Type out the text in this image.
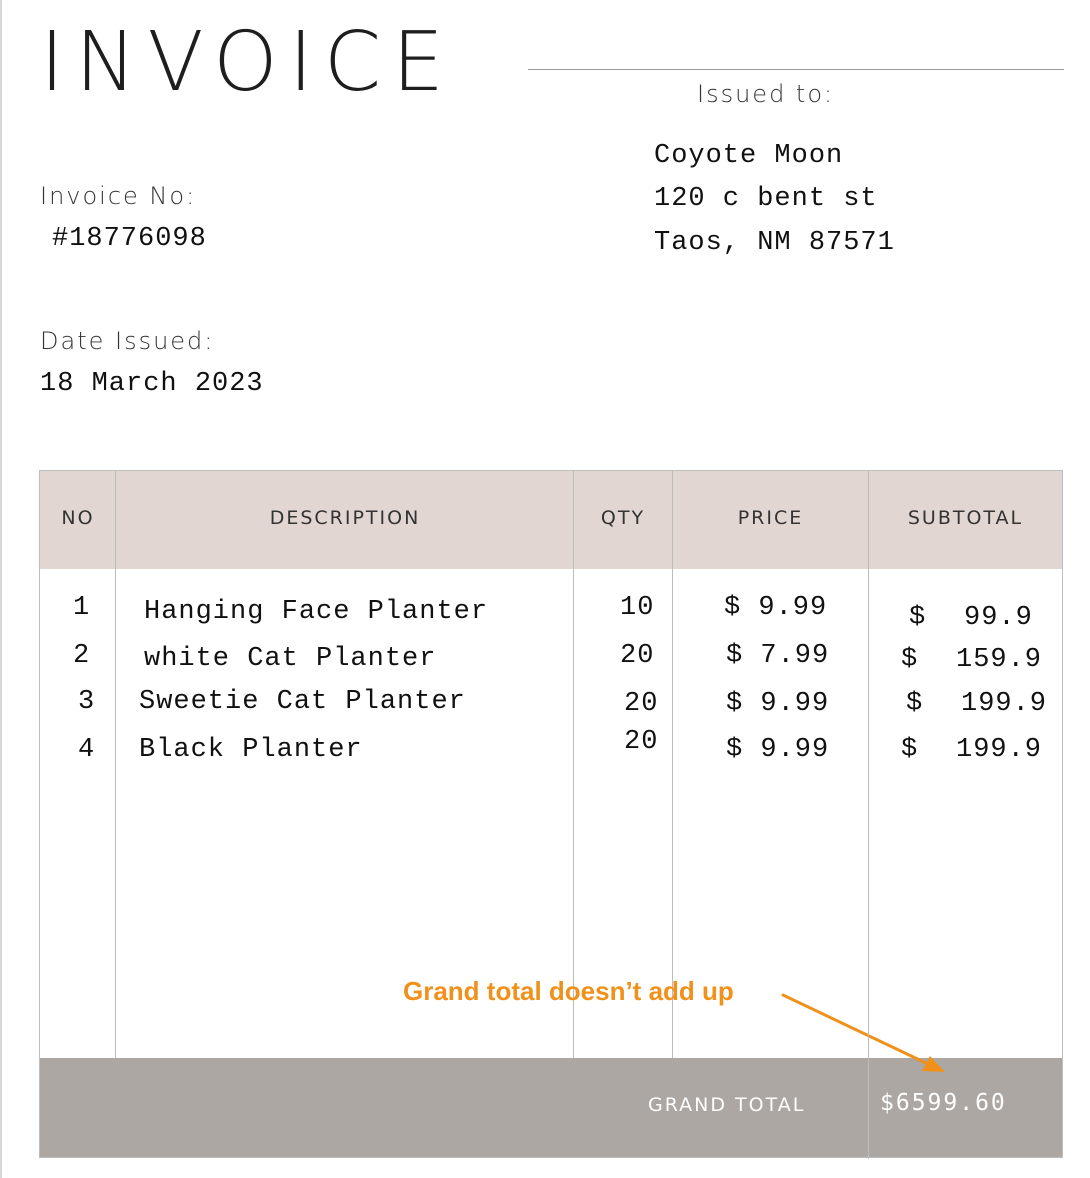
INVOICE	Issued to:
Coyote Moon
120 c bent st
Taos, NM 87571
Invoice No:
#18776098
Date Issued:
18 March 2023
NO	DESCRIPTION	QTY	PRICE	SUBTOTAL
1 Hanging Face Planter	10	$ 9.99	$ 99.9
2 white Cat Planter	20	$ 7.99	$ 159.9
3 Sweetie Cat Planter	20	$ 9.99	$ 199.9
4 Black Planter	20	$ 9.99	$ 199.9
GRAND TOTAL	$6599.60
Grand total doesn’t add up
